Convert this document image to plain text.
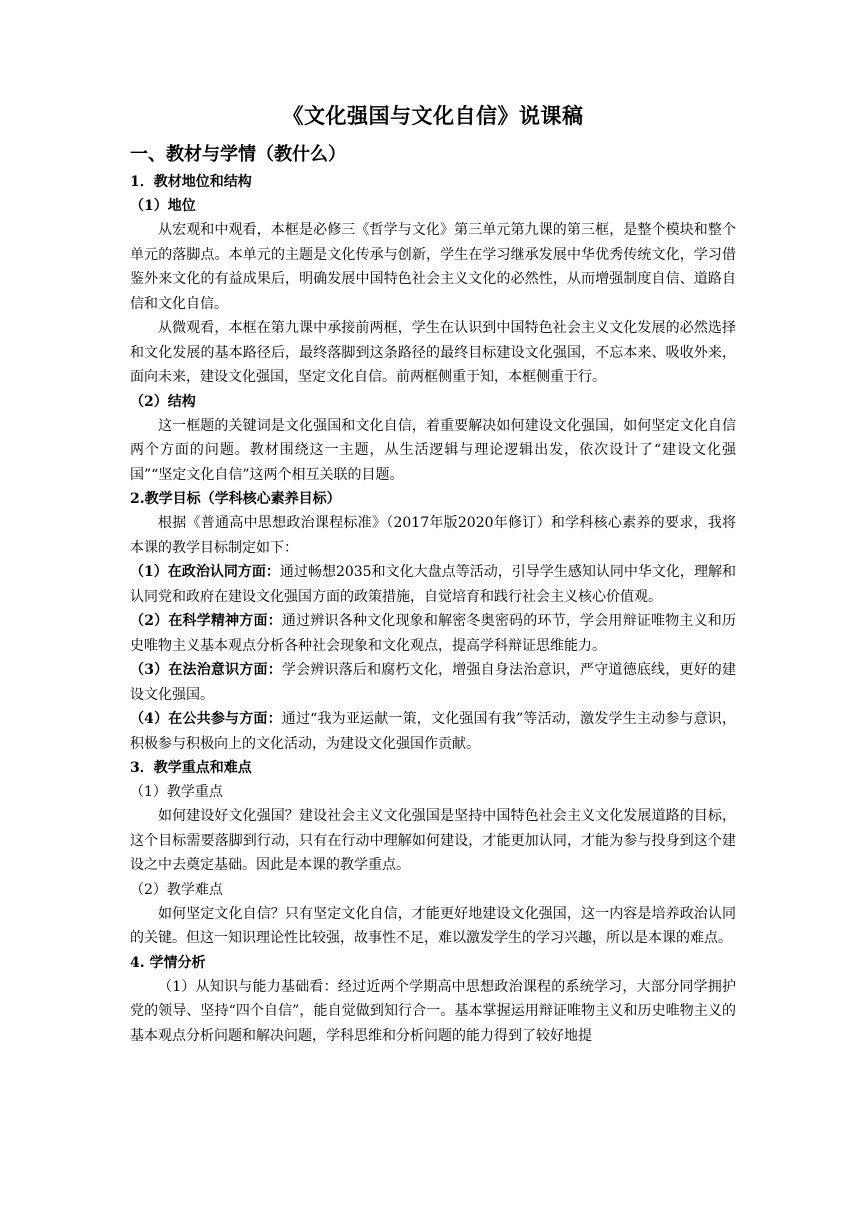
《文化强国与文化自信》说课稿
一、教材与学情（教什么）
1．教材地位和结构
（1）地位

从宏观和中观看，本框是必修三《哲学与文化》第三单元第九课的第三框，是整个模块和整个单元的落脚点。本单元的主题是文化传承与创新，学生在学习继承发展中华优秀传统文化，学习借鉴外来文化的有益成果后，明确发展中国特色社会主义文化的必然性，从而增强制度自信、道路自信和文化自信。

从微观看，本框在第九课中承接前两框，学生在认识到中国特色社会主义文化发展的必然选择和文化发展的基本路径后，最终落脚到这条路径的最终目标建设文化强国，不忘本来、吸收外来，面向未来，建设文化强国，坚定文化自信。前两框侧重于知，本框侧重于行。

（2）结构

这一框题的关键词是文化强国和文化自信，着重要解决如何建设文化强国，如何坚定文化自信两个方面的问题。教材围绕这一主题，从生活逻辑与理论逻辑出发，依次设计了“建设文化强国”“坚定文化自信”这两个相互关联的目题。

2.教学目标（学科核心素养目标）

根据《普通高中思想政治课程标准》（2017年版2020年修订）和学科核心素养的要求，我将本课的教学目标制定如下：

（1）在政治认同方面：通过畅想2035和文化大盘点等活动，引导学生感知认同中华文化，理解和认同党和政府在建设文化强国方面的政策措施，自觉培育和践行社会主义核心价值观。

（2）在科学精神方面：通过辨识各种文化现象和解密冬奥密码的环节，学会用辩证唯物主义和历史唯物主义基本观点分析各种社会现象和文化观点，提高学科辩证思维能力。

（3）在法治意识方面：学会辨识落后和腐朽文化，增强自身法治意识，严守道德底线，更好的建设文化强国。

（4）在公共参与方面：通过“我为亚运献一策，文化强国有我”等活动，激发学生主动参与意识，积极参与积极向上的文化活动，为建设文化强国作贡献。

3．教学重点和难点
（1）教学重点

如何建设好文化强国？建设社会主义文化强国是坚持中国特色社会主义文化发展道路的目标，这个目标需要落脚到行动，只有在行动中理解如何建设，才能更加认同，才能为参与投身到这个建设之中去奠定基础。因此是本课的教学重点。

（2）教学难点

如何坚定文化自信？只有坚定文化自信，才能更好地建设文化强国，这一内容是培养政治认同的关键。但这一知识理论性比较强，故事性不足，难以激发学生的学习兴趣，所以是本课的难点。

4. 学情分析

（1）从知识与能力基础看：经过近两个学期高中思想政治课程的系统学习，大部分同学拥护党的领导、坚持“四个自信”，能自觉做到知行合一。基本掌握运用辩证唯物主义和历史唯物主义的基本观点分析问题和解决问题，学科思维和分析问题的能力得到了较好地提
